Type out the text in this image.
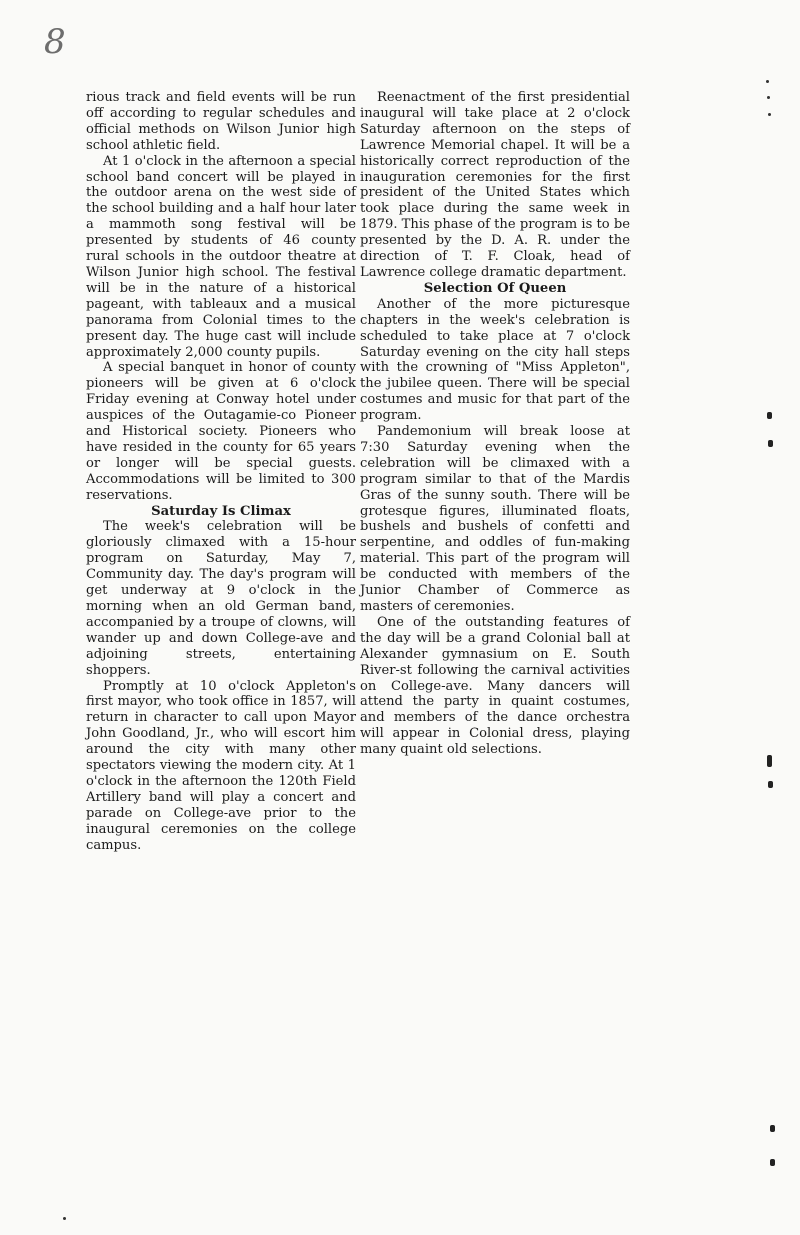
8

rious track and field events will be run off according to regular schedules and official methods on Wilson Junior high school athletic field.

At 1 o'clock in the afternoon a special school band concert will be played in the outdoor arena on the west side of the school building and a half hour later a mammoth song festival will be presented by students of 46 county rural schools in the outdoor theatre at Wilson Junior high school. The festival will be in the nature of a historical pageant, with tableaux and a musical panorama from Colonial times to the present day. The huge cast will include approximately 2,000 county pupils.

A special banquet in honor of county pioneers will be given at 6 o'clock Friday evening at Conway hotel under auspices of the Outagamie-co Pioneer and Historical society. Pioneers who have resided in the county for 65 years or longer will be special guests. Accommodations will be limited to 300 reservations.

Saturday Is Climax

The week's celebration will be gloriously climaxed with a 15-hour program on Saturday, May 7, Community day. The day's program will get underway at 9 o'clock in the morning when an old German band, accompanied by a troupe of clowns, will wander up and down College-ave and adjoining streets, entertaining shoppers.

Promptly at 10 o'clock Appleton's first mayor, who took office in 1857, will return in character to call upon Mayor John Goodland, Jr., who will escort him around the city with many other spectators viewing the modern city. At 1 o'clock in the afternoon the 120th Field Artillery band will play a concert and parade on College-ave prior to the inaugural ceremonies on the college campus.

Reenactment of the first presidential inaugural will take place at 2 o'clock Saturday afternoon on the steps of Lawrence Memorial chapel. It will be a historically correct reproduction of the inauguration ceremonies for the first president of the United States which took place during the same week in 1879. This phase of the program is to be presented by the D. A. R. under the direction of T. F. Cloak, head of Lawrence college dramatic department.

Selection Of Queen

Another of the more picturesque chapters in the week's celebration is scheduled to take place at 7 o'clock Saturday evening on the city hall steps with the crowning of "Miss Appleton", the jubilee queen. There will be special costumes and music for that part of the program.

Pandemonium will break loose at 7:30 Saturday evening when the celebration will be climaxed with a program similar to that of the Mardis Gras of the sunny south. There will be grotesque figures, illuminated floats, bushels and bushels of confetti and serpentine, and oddles of fun-making material. This part of the program will be conducted with members of the Junior Chamber of Commerce as masters of ceremonies.

One of the outstanding features of the day will be a grand Colonial ball at Alexander gymnasium on E. South River-st following the carnival activities on College-ave. Many dancers will attend the party in quaint costumes, and members of the dance orchestra will appear in Colonial dress, playing many quaint old selections.
